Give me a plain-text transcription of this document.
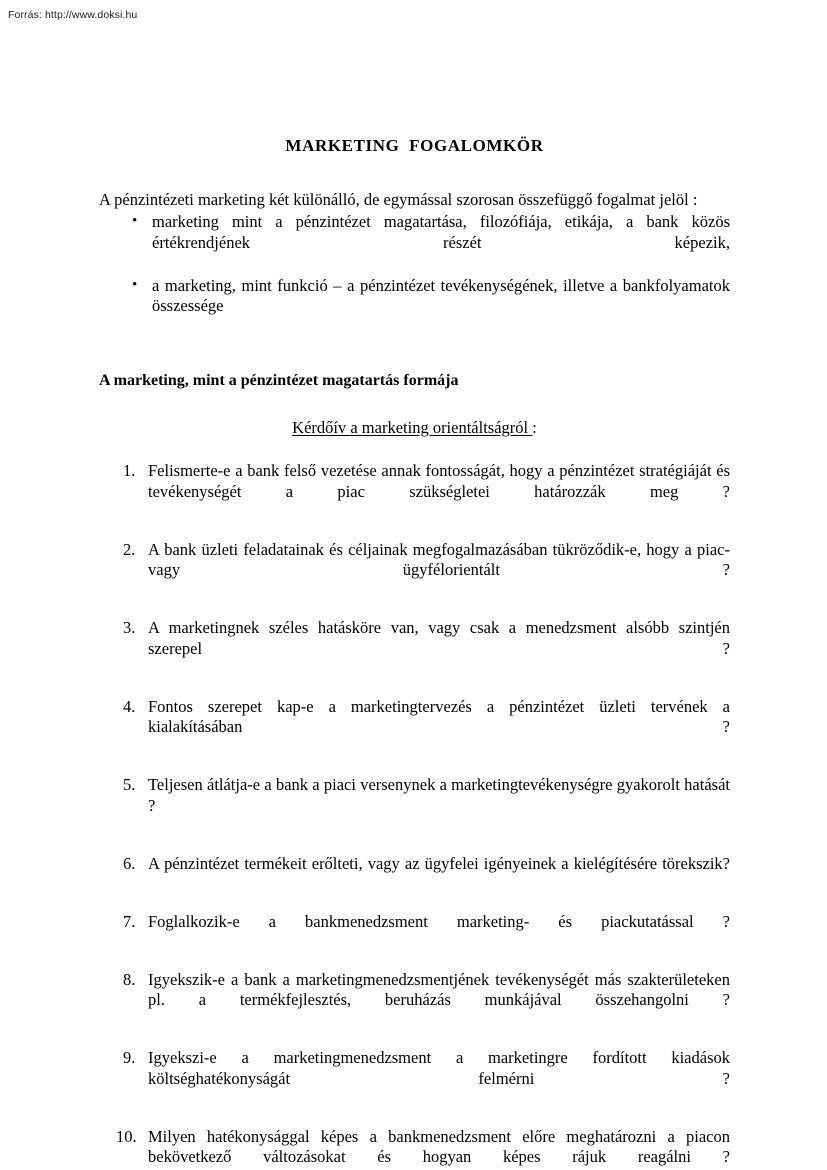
Forrás: http://www.doksi.hu
MARKETING  FOGALOMKÖR

A pénzintézeti marketing két különálló, de egymással szorosan összefüggő fogalmat jelöl :

• marketing mint a pénzintézet magatartása, filozófiája, etikája, a bank közös értékrendjének részét képezik,
• a marketing, mint funkció – a pénzintézet tevékenységének, illetve a bankfolyamatok összessége
A marketing, mint a pénzintézet magatartás formája

Kérdőív a marketing orientáltságról :

Felismerte-e a bank felső vezetése annak fontosságát, hogy a pénzintézet stratégiáját és tevékenységét a piac szükségletei határozzák meg ?
A bank üzleti feladatainak és céljainak megfogalmazásában tükröződik-e, hogy a piac- vagy ügyfélorientált ?
A marketingnek széles hatásköre van, vagy csak a menedzsment alsóbb szintjén szerepel ?
Fontos szerepet kap-e a marketingtervezés a pénzintézet üzleti tervének a kialakításában ?
Teljesen átlátja-e a bank a piaci versenynek a marketingtevékenységre gyakorolt hatását ?
A pénzintézet termékeit erőlteti, vagy az ügyfelei igényeinek a kielégítésére törekszik?
Foglalkozik-e a bankmenedzsment marketing- és piackutatással ?
Igyekszik-e a bank a marketingmenedzsmentjének tevékenységét más szakterületeken pl. a termékfejlesztés, beruházás munkájával összehangolni ?
Igyekszi-e a marketingmenedzsment a marketingre fordított kiadások költséghatékonyságát felmérni ?
Milyen hatékonysággal képes a bankmenedzsment előre meghatározni a piacon bekövetkező változásokat és hogyan képes rájuk reagálni ?
